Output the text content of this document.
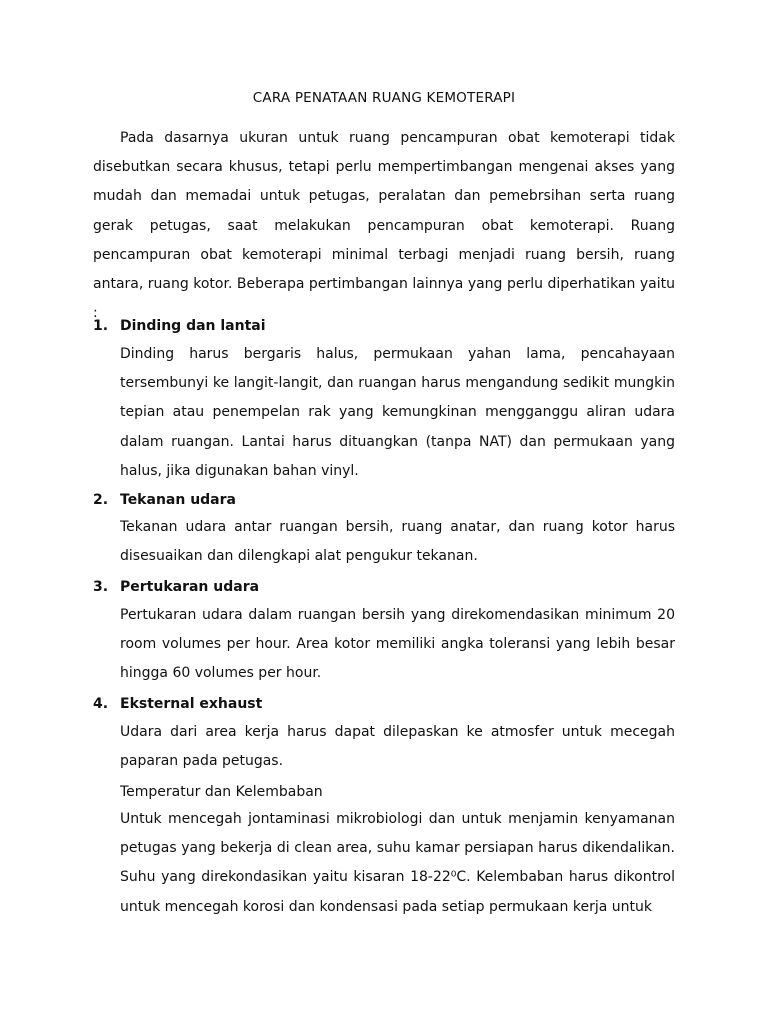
CARA PENATAAN RUANG KEMOTERAPI

Pada dasarnya ukuran untuk ruang pencampuran obat kemoterapi tidak disebutkan secara khusus, tetapi perlu mempertimbangan mengenai akses yang mudah dan memadai untuk petugas, peralatan dan pemebrsihan serta ruang gerak petugas, saat melakukan pencampuran obat kemoterapi. Ruang pencampuran obat kemoterapi minimal terbagi menjadi ruang bersih, ruang antara, ruang kotor. Beberapa pertimbangan lainnya yang perlu diperhatikan yaitu :

1. Dinding dan lantai

Dinding harus bergaris halus, permukaan yahan lama, pencahayaan tersembunyi ke langit-langit, dan ruangan harus mengandung sedikit mungkin tepian atau penempelan rak yang kemungkinan mengganggu aliran udara dalam ruangan. Lantai harus dituangkan (tanpa NAT) dan permukaan yang halus, jika digunakan bahan vinyl.

2. Tekanan udara

Tekanan udara antar ruangan bersih, ruang anatar, dan ruang kotor harus disesuaikan dan dilengkapi alat pengukur tekanan.

3. Pertukaran udara

Pertukaran udara dalam ruangan bersih yang direkomendasikan minimum 20 room volumes per hour. Area kotor memiliki angka toleransi yang lebih besar hingga 60 volumes per hour.

4. Eksternal exhaust

Udara dari area kerja harus dapat dilepaskan ke atmosfer untuk mecegah paparan pada petugas.

Temperatur dan Kelembaban

Untuk mencegah jontaminasi mikrobiologi dan untuk menjamin kenyamanan petugas yang bekerja di clean area, suhu kamar persiapan harus dikendalikan. Suhu yang direkondasikan yaitu kisaran 18-22⁰C. Kelembaban harus dikontrol untuk mencegah korosi dan kondensasi pada setiap permukaan kerja untuk
